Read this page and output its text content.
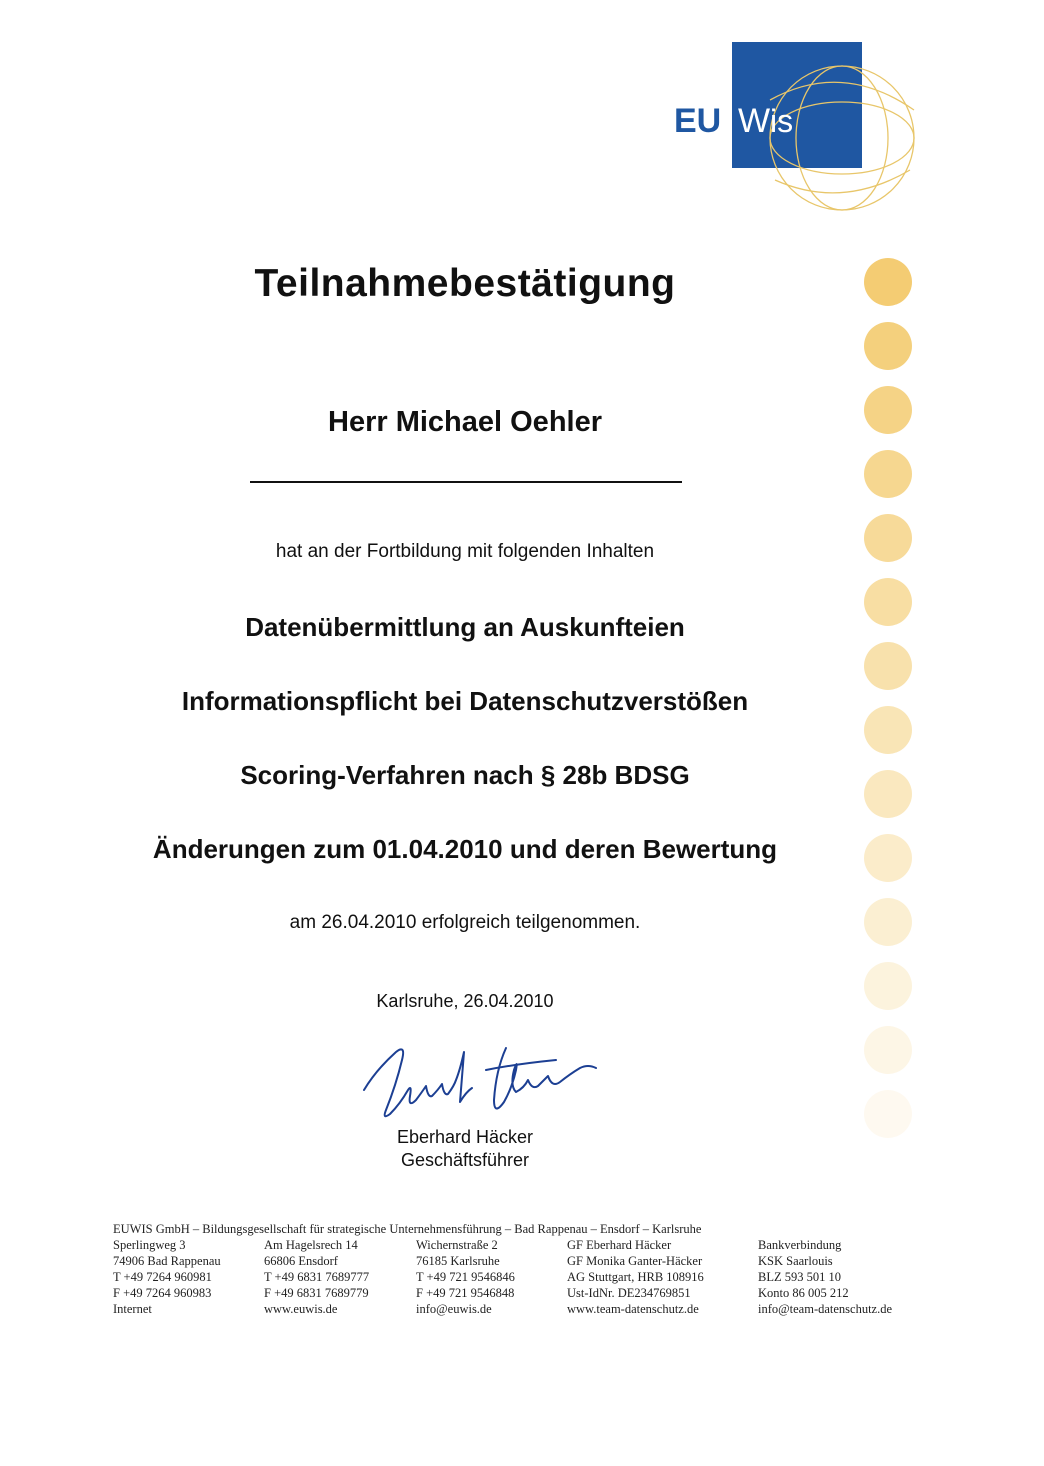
EU W is
Teilnahmebestätigung
Herr Michael Oehler
hat an der Fortbildung mit folgenden Inhalten
Datenübermittlung an Auskunfteien
Informationspflicht bei Datenschutzverstößen
Scoring-Verfahren nach § 28b BDSG
Änderungen zum 01.04.2010 und deren Bewertung
am 26.04.2010 erfolgreich teilgenommen.
Karlsruhe, 26.04.2010
Eberhard Häcker
Geschäftsführer
EUWIS GmbH – Bildungsgesellschaft für strategische Unternehmensführung – Bad Rappenau – Ensdorf – Karlsruhe
Sperlingweg 3
74906 Bad Rappenau
T +49 7264 960981
F +49 7264 960983
Internet
Am Hagelsrech 14
66806 Ensdorf
T +49 6831 7689777
F +49 6831 7689779
www.euwis.de
Wichernstraße 2
76185 Karlsruhe
T +49 721 9546846
F +49 721 9546848
info@euwis.de
GF Eberhard Häcker
GF Monika Ganter-Häcker
AG Stuttgart, HRB 108916
Ust-IdNr. DE234769851
www.team-datenschutz.de
Bankverbindung
KSK Saarlouis
BLZ 593 501 10
Konto 86 005 212
info@team-datenschutz.de
